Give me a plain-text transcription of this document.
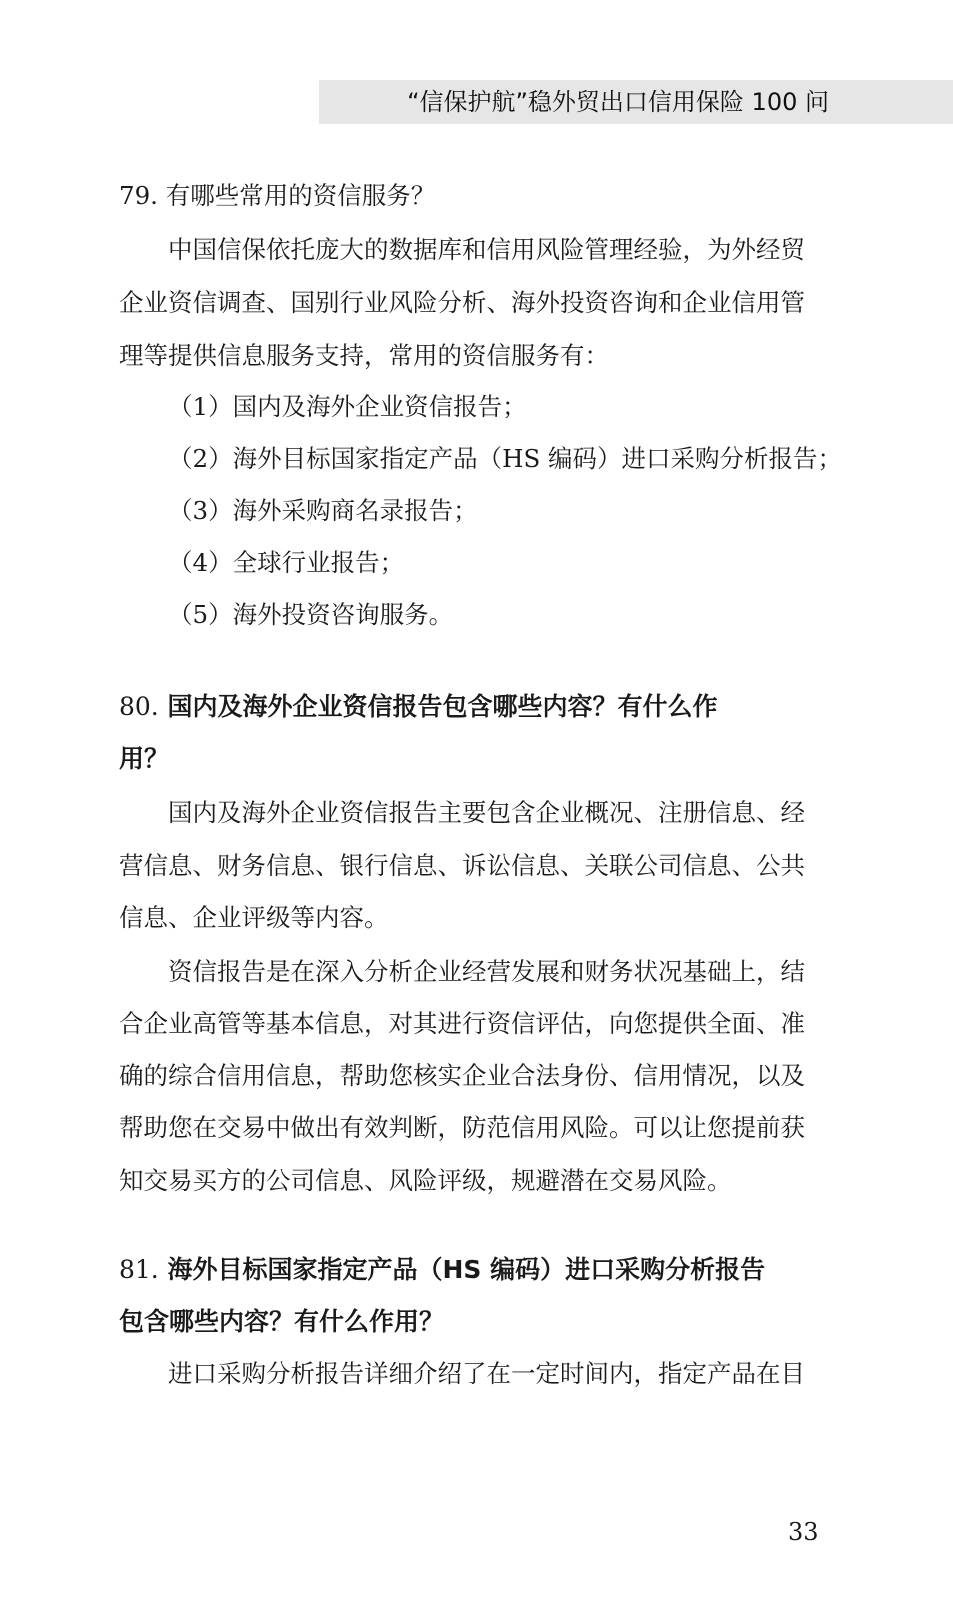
“信保护航”稳外贸出口信用保险 100 问
79. 有哪些常用的资信服务？
中国信保依托庞大的数据库和信用风险管理经验，为外经贸
企业资信调查、国别行业风险分析、海外投资咨询和企业信用管
理等提供信息服务支持，常用的资信服务有：
（1）国内及海外企业资信报告；
（2）海外目标国家指定产品（HS 编码）进口采购分析报告；
（3）海外采购商名录报告；
（4）全球行业报告；
（5）海外投资咨询服务。
80. 国内及海外企业资信报告包含哪些内容？有什么作
用？
国内及海外企业资信报告主要包含企业概况、注册信息、经
营信息、财务信息、银行信息、诉讼信息、关联公司信息、公共
信息、企业评级等内容。
资信报告是在深入分析企业经营发展和财务状况基础上，结
合企业高管等基本信息，对其进行资信评估，向您提供全面、准
确的综合信用信息，帮助您核实企业合法身份、信用情况，以及
帮助您在交易中做出有效判断，防范信用风险。可以让您提前获
知交易买方的公司信息、风险评级，规避潜在交易风险。
81. 海外目标国家指定产品（HS 编码）进口采购分析报告
包含哪些内容？有什么作用？
进口采购分析报告详细介绍了在一定时间内，指定产品在目
33
